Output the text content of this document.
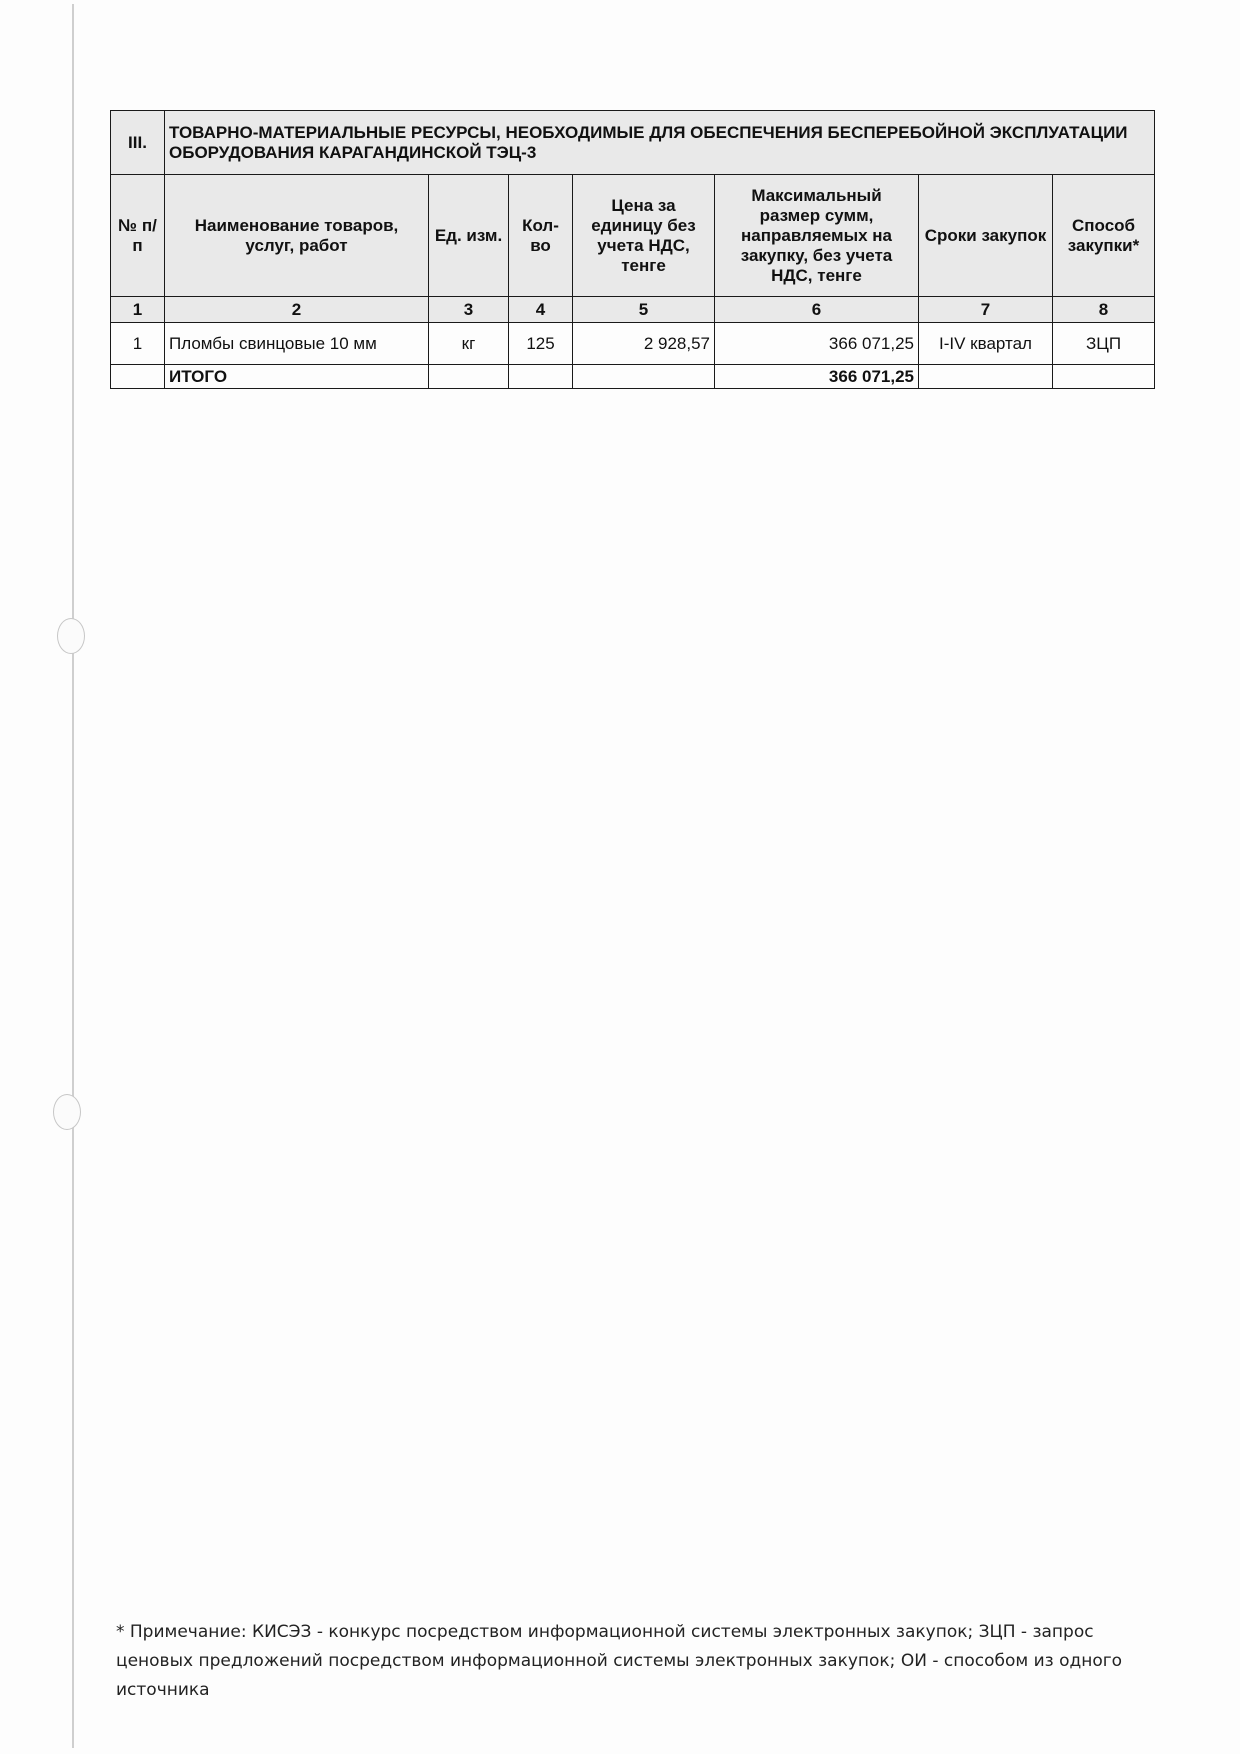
III.	ТОВАРНО-МАТЕРИАЛЬНЫЕ РЕСУРСЫ, НЕОБХОДИМЫЕ ДЛЯ ОБЕСПЕЧЕНИЯ БЕСПЕРЕБОЙНОЙ ЭКСПЛУАТАЦИИ ОБОРУДОВАНИЯ КАРАГАНДИНСКОЙ ТЭЦ-3						
№ п/п	Наименование товаров, услуг, работ	Ед. изм.	Кол-во	Цена за единицу без учета НДС, тенге	Максимальный размер сумм, направляемых на закупку, без учета НДС, тенге	Сроки закупок	Способ закупки*
1	2	3	4	5	6	7	8
1	Пломбы свинцовые 10 мм	кг	125	2 928,57	366 071,25	I-IV квартал	ЗЦП
	ИТОГО				366 071,25		
* Примечание: КИСЭЗ - конкурс посредством информационной системы электронных закупок; ЗЦП - запрос ценовых предложений посредством информационной системы электронных закупок; ОИ - способом из одного источника
